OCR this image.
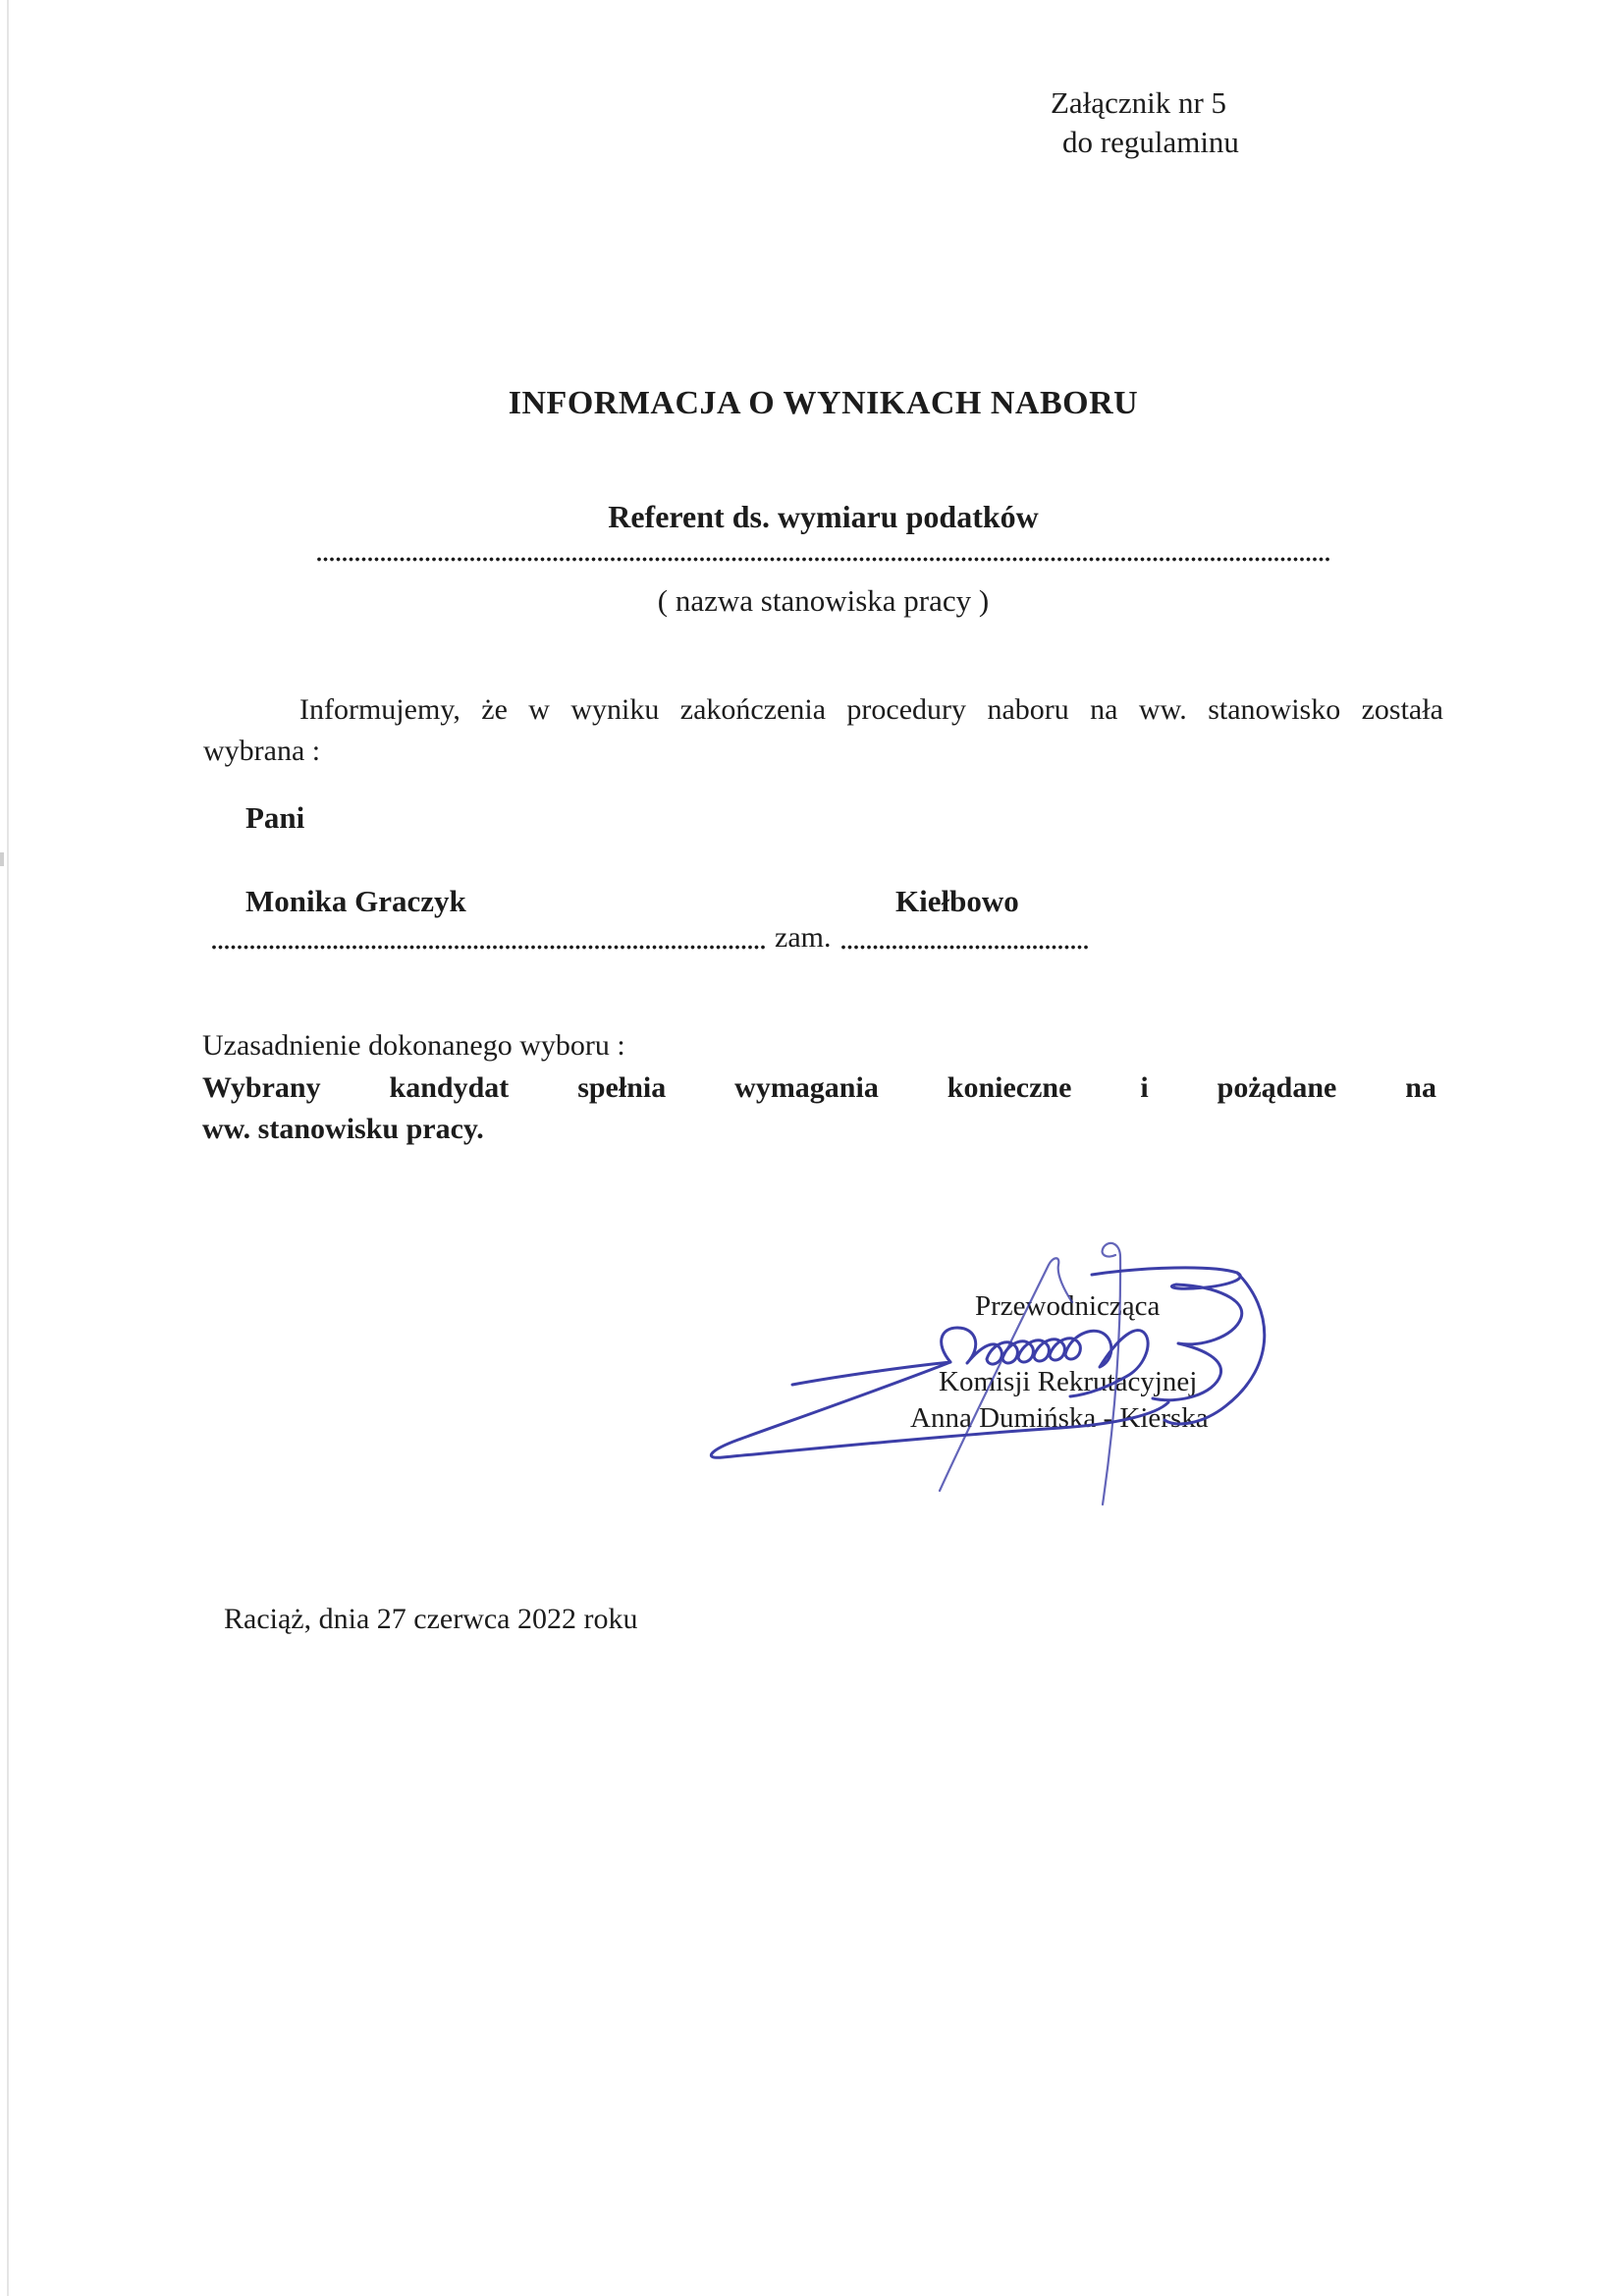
Załącznik nr 5
do regulaminu
INFORMACJA O WYNIKACH NABORU
Referent ds. wymiaru podatków
( nazwa stanowiska pracy )
Informujemy, że w wyniku zakończenia procedury naboru na ww. stanowisko została
wybrana :
Pani
Monika Graczyk	Kiełbowo
zam.
Uzasadnienie dokonanego wyboru :
Wybrany kandydat spełnia wymagania konieczne i pożądane na
ww. stanowisku pracy.
Przewodnicząca
Komisji Rekrutacyjnej
Anna Dumińska - Kierska
Raciąż, dnia 27 czerwca 2022 roku
